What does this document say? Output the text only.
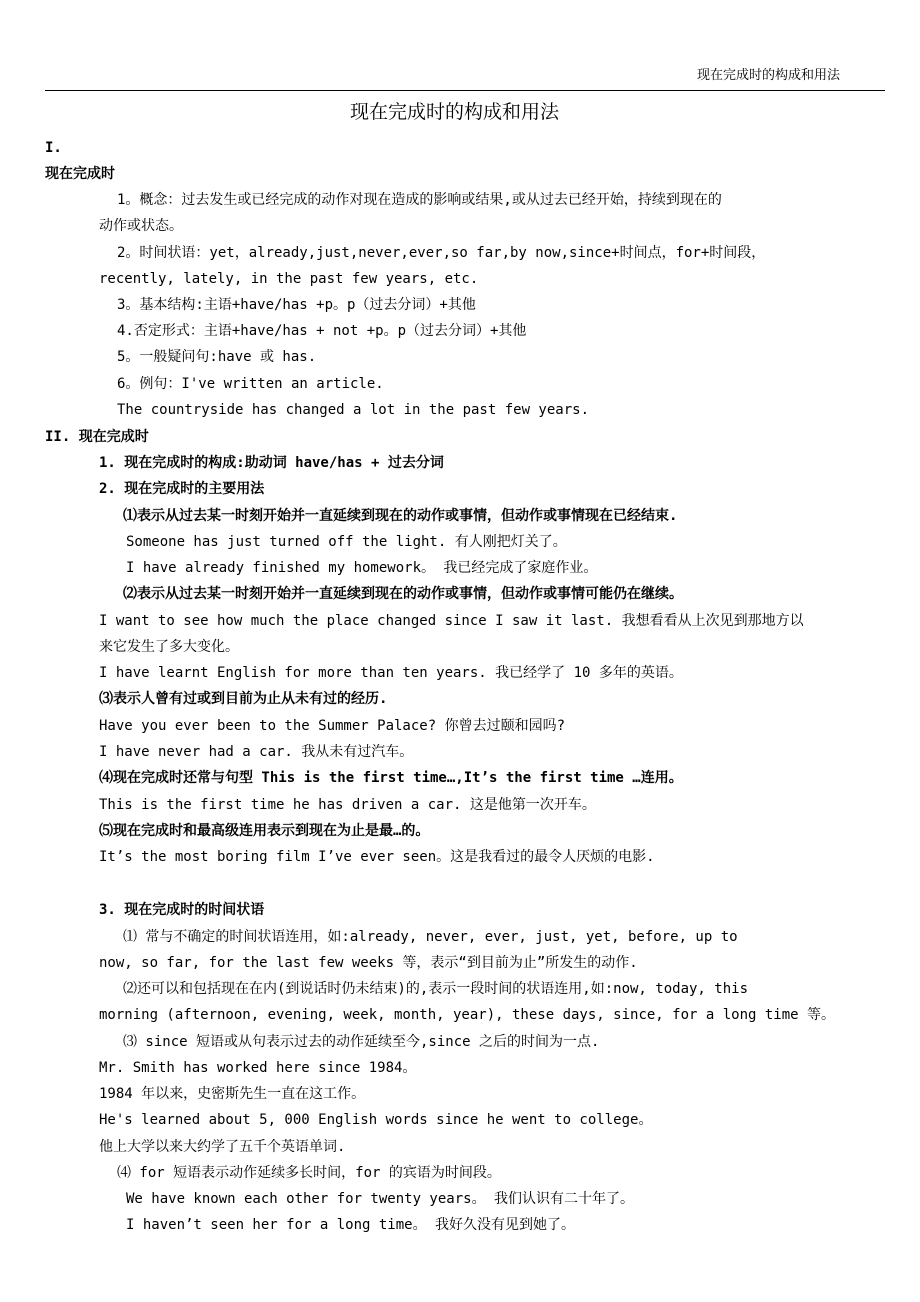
现在完成时的构成和用法
现在完成时的构成和用法
I.
现在完成时
1。概念：过去发生或已经完成的动作对现在造成的影响或结果,或从过去已经开始，持续到现在的
动作或状态。
2。时间状语：yet，already,just,never,ever,so far,by now,since+时间点，for+时间段，
recently, lately, in the past few years, etc.
3。基本结构:主语+have/has +p。p（过去分词）+其他
4.否定形式：主语+have/has + not +p。p（过去分词）+其他
5。一般疑问句:have 或 has.
6。例句：I've written an article.
The countryside has changed a lot in the past few years.
II. 现在完成时
1. 现在完成时的构成:助动词 have/has + 过去分词
2. 现在完成时的主要用法
⑴表示从过去某一时刻开始并一直延续到现在的动作或事情，但动作或事情现在已经结束.
Someone has just turned off the light. 有人刚把灯关了。
I have already finished my homework。 我已经完成了家庭作业。
⑵表示从过去某一时刻开始并一直延续到现在的动作或事情，但动作或事情可能仍在继续。
I want to see how much the place changed since I saw it last. 我想看看从上次见到那地方以
来它发生了多大变化。
I have learnt English for more than ten years. 我已经学了 10 多年的英语。
⑶表示人曾有过或到目前为止从未有过的经历.
Have you ever been to the Summer Palace? 你曾去过颐和园吗?
I have never had a car. 我从未有过汽车。
⑷现在完成时还常与句型 This is the first time…,It’s the first time …连用。
This is the first time he has driven a car. 这是他第一次开车。
⑸现在完成时和最高级连用表示到现在为止是最…的。
It’s the most boring film I’ve ever seen。这是我看过的最令人厌烦的电影.
3. 现在完成时的时间状语
⑴ 常与不确定的时间状语连用，如:already, never, ever, just, yet, before, up to
now, so far, for the last few weeks 等，表示“到目前为止”所发生的动作.
⑵还可以和包括现在在内(到说话时仍未结束)的,表示一段时间的状语连用,如:now, today, this
morning (afternoon, evening, week, month, year), these days, since, for a long time 等。
⑶ since 短语或从句表示过去的动作延续至今,since 之后的时间为一点.
Mr. Smith has worked here since 1984。
1984 年以来，史密斯先生一直在这工作。
He's learned about 5, 000 English words since he went to college。
他上大学以来大约学了五千个英语单词.
⑷ for 短语表示动作延续多长时间，for 的宾语为时间段。
We have known each other for twenty years。 我们认识有二十年了。
I haven’t seen her for a long time。 我好久没有见到她了。
